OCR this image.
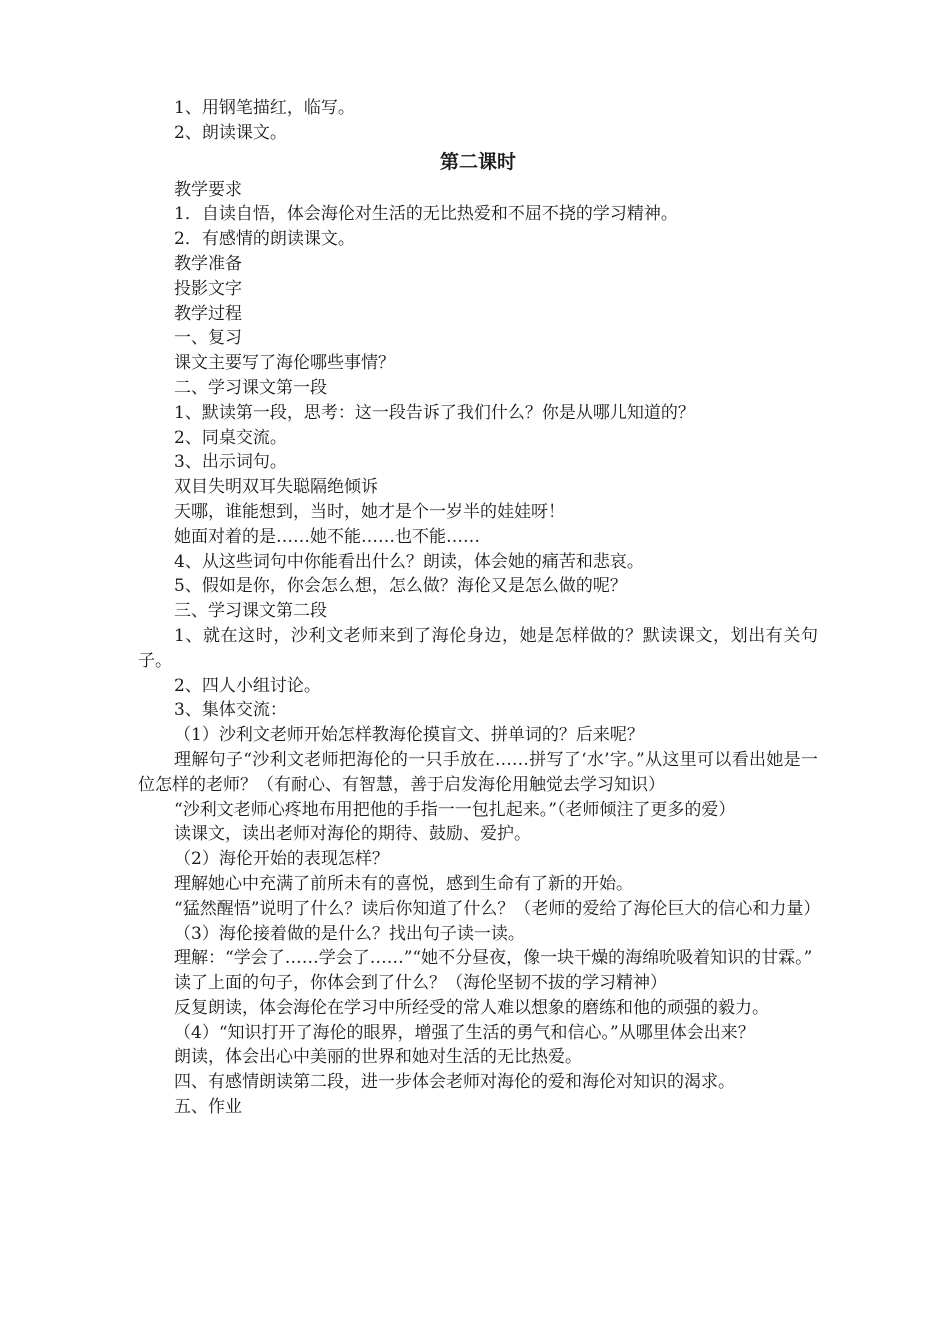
1、用钢笔描红，临写。

2、朗读课文。

第二课时

教学要求

1．自读自悟，体会海伦对生活的无比热爱和不屈不挠的学习精神。

2．有感情的朗读课文。

教学准备

投影文字

教学过程

一、复习

课文主要写了海伦哪些事情？

二、学习课文第一段

1、默读第一段，思考：这一段告诉了我们什么？你是从哪儿知道的？

2、同桌交流。

3、出示词句。

双目失明双耳失聪隔绝倾诉

天哪，谁能想到，当时，她才是个一岁半的娃娃呀！

她面对着的是……她不能……也不能……

4、从这些词句中你能看出什么？朗读，体会她的痛苦和悲哀。

5、假如是你，你会怎么想，怎么做？海伦又是怎么做的呢？

三、学习课文第二段

1、就在这时，沙利文老师来到了海伦身边，她是怎样做的？默读课文，划出有关句子。

2、四人小组讨论。

3、集体交流：

（1）沙利文老师开始怎样教海伦摸盲文、拼单词的？后来呢？

理解句子“沙利文老师把海伦的一只手放在……拼写了‘水’字。”从这里可以看出她是一位怎样的老师？（有耐心、有智慧，善于启发海伦用触觉去学习知识）

“沙利文老师心疼地布用把他的手指一一包扎起来。”（老师倾注了更多的爱）

读课文，读出老师对海伦的期待、鼓励、爱护。

（2）海伦开始的表现怎样？

理解她心中充满了前所未有的喜悦，感到生命有了新的开始。

“猛然醒悟”说明了什么？读后你知道了什么？（老师的爱给了海伦巨大的信心和力量）

（3）海伦接着做的是什么？找出句子读一读。

理解：“学会了……学会了……”“她不分昼夜，像一块干燥的海绵吮吸着知识的甘霖。”

读了上面的句子，你体会到了什么？（海伦坚韧不拔的学习精神）

反复朗读，体会海伦在学习中所经受的常人难以想象的磨练和他的顽强的毅力。

（4）“知识打开了海伦的眼界，增强了生活的勇气和信心。”从哪里体会出来？

朗读，体会出心中美丽的世界和她对生活的无比热爱。

四、有感情朗读第二段，进一步体会老师对海伦的爱和海伦对知识的渴求。

五、作业
